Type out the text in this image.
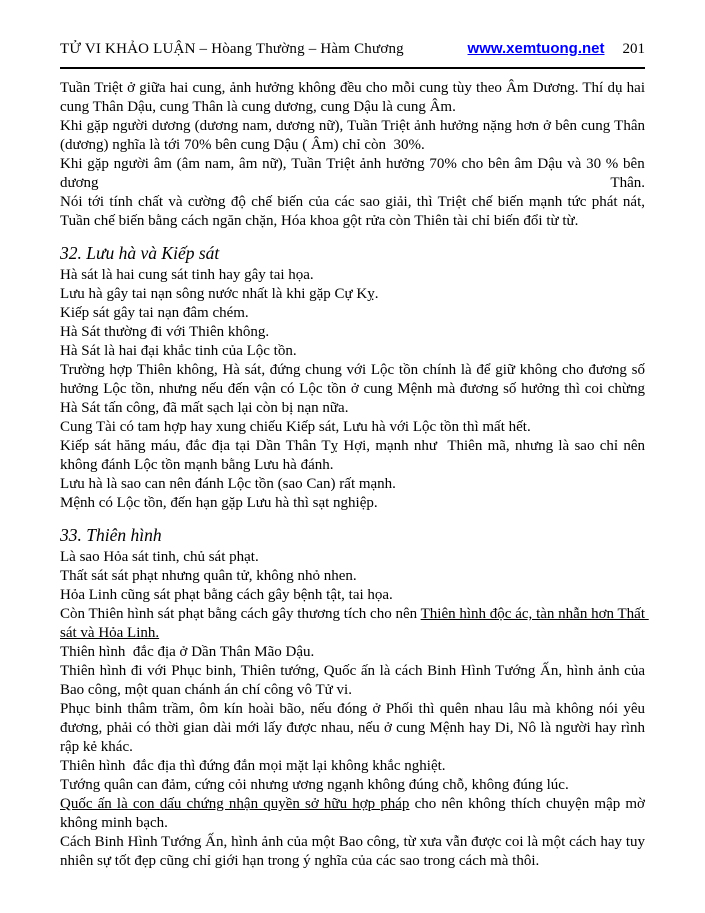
TỬ VI KHẢO LUẬN – Hòang Thường – Hàm Chương	www.xemtuong.net 201
Tuần Triệt ở giữa hai cung, ảnh hưởng không đều cho mỗi cung tùy theo Âm Dương. Thí dụ hai cung Thân Dậu, cung Thân là cung dương, cung Dậu là cung Âm.
Khi gặp người dương (dương nam, dương nữ), Tuần Triệt ảnh hưởng nặng hơn ở bên cung Thân (dương) nghĩa là tới 70% bên cung Dậu ( Âm) chỉ còn  30%.
Khi gặp người âm (âm nam, âm nữ), Tuần Triệt ảnh hưởng 70% cho bên âm Dậu và 30 % bên
dương	Thân.
Nói tới tính chất và cường độ chế biến của các sao giải, thì Triệt chế biến mạnh tức phát nát, Tuần chế biến bằng cách ngăn chặn, Hóa khoa gột rửa còn Thiên tài chỉ biến đổi từ từ.
32. Lưu hà và Kiếp sát
Hà sát là hai cung sát tinh hay gây tai họa.
Lưu hà gây tai nạn sông nước nhất là khi gặp Cự Kỵ.
Kiếp sát gây tai nạn đâm chém.
Hà Sát thường đi với Thiên không.
Hà Sát là hai đại khắc tinh của Lộc tồn.
Trường hợp Thiên không, Hà sát, đứng chung với Lộc tồn chính là để giữ không cho đương số hưởng Lộc tồn, nhưng nếu đến vận có Lộc tồn ở cung Mệnh mà đương số hưởng thì coi chừng Hà Sát tấn công, đã mất sạch lại còn bị nạn nữa.
Cung Tài có tam hợp hay xung chiếu Kiếp sát, Lưu hà với Lộc tồn thì mất hết.
Kiếp sát hăng máu, đắc địa tại Dần Thân Tỵ Hợi, mạnh như  Thiên mã, nhưng là sao chỉ nên không đánh Lộc tồn mạnh bằng Lưu hà đánh.
Lưu hà là sao can nên đánh Lộc tồn (sao Can) rất mạnh.
Mệnh có Lộc tồn, đến hạn gặp Lưu hà thì sạt nghiệp.
33. Thiên hình
Là sao Hỏa sát tinh, chủ sát phạt.
Thất sát sát phạt nhưng quân tử, không nhỏ nhen.
Hỏa Linh cũng sát phạt bằng cách gây bệnh tật, tai họa.
Còn Thiên hình sát phạt bằng cách gây thương tích cho nên Thiên hình độc ác, tàn nhẫn hơn Thất sát và Hỏa Linh.
Thiên hình  đắc địa ở Dần Thân Mão Dậu.
Thiên hình đi với Phục binh, Thiên tướng, Quốc ấn là cách Binh Hình Tướng Ấn, hình ảnh của Bao công, một quan chánh án chí công vô Tử vi.
Phục binh thâm trầm, ôm kín hoài bão, nếu đóng ở Phối thì quên nhau lâu mà không nói yêu đương, phải có thời gian dài mới lấy được nhau, nếu ở cung Mệnh hay Di, Nô là người hay rình rập kẻ khác.
Thiên hình  đắc địa thì đứng đắn mọi mặt lại không khắc nghiệt.
Tướng quân can đảm, cứng cỏi nhưng ương ngạnh không đúng chỗ, không đúng lúc.
Quốc ấn là con dấu chứng nhận quyền sở hữu hợp pháp cho nên không thích chuyện mập mờ không minh bạch.
Cách Binh Hình Tướng Ấn, hình ảnh của một Bao công, từ xưa vẫn được coi là một cách hay tuy nhiên sự tốt đẹp cũng chỉ giới hạn trong ý nghĩa của các sao trong cách mà thôi.
